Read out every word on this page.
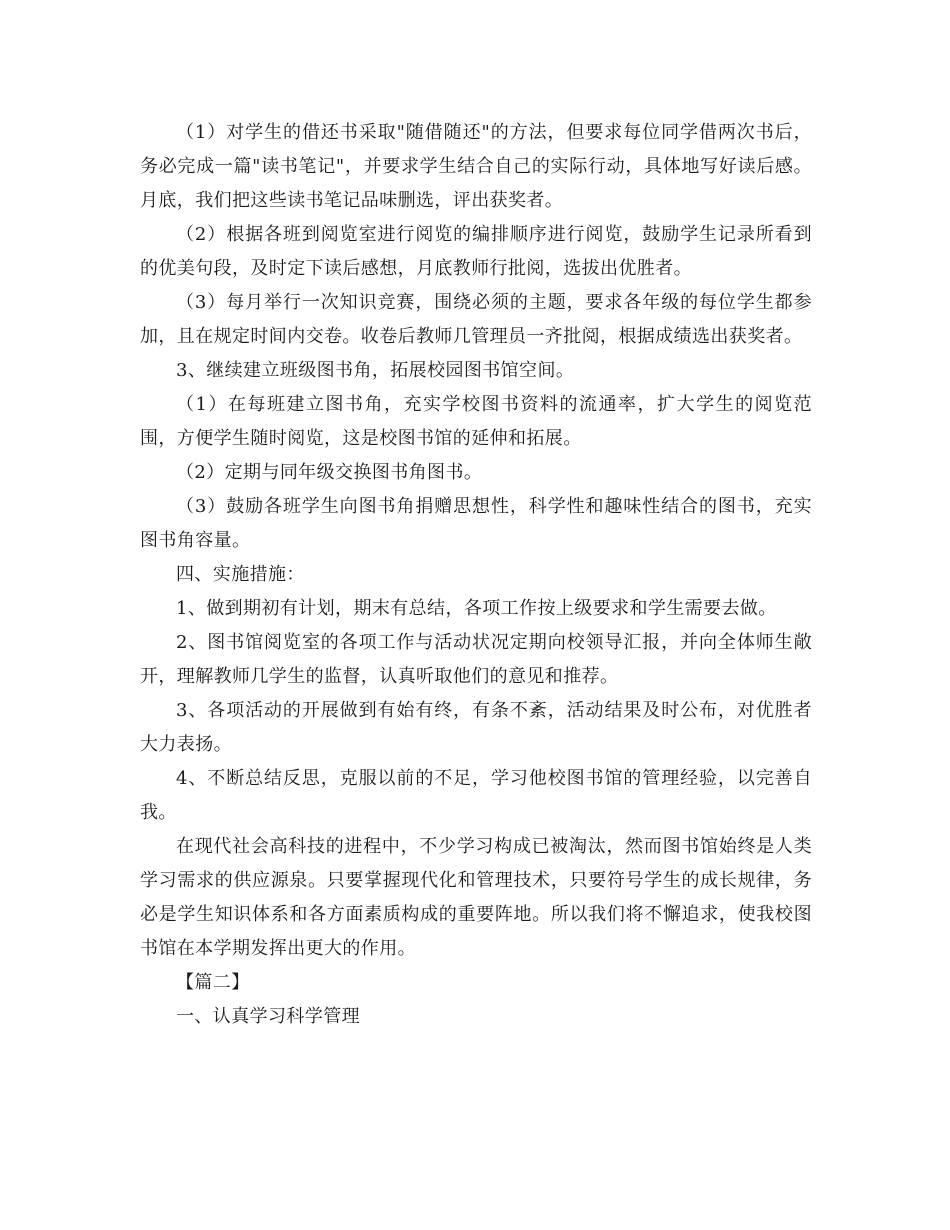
（1）对学生的借还书采取"随借随还"的方法，但要求每位同学借两次书后，务必完成一篇"读书笔记"，并要求学生结合自己的实际行动，具体地写好读后感。月底，我们把这些读书笔记品味删选，评出获奖者。

（2）根据各班到阅览室进行阅览的编排顺序进行阅览，鼓励学生记录所看到的优美句段，及时定下读后感想，月底教师行批阅，选拔出优胜者。

（3）每月举行一次知识竞赛，围绕必须的主题，要求各年级的每位学生都参加，且在规定时间内交卷。收卷后教师几管理员一齐批阅，根据成绩选出获奖者。

3、继续建立班级图书角，拓展校园图书馆空间。

（1）在每班建立图书角，充实学校图书资料的流通率，扩大学生的阅览范围，方便学生随时阅览，这是校图书馆的延伸和拓展。

（2）定期与同年级交换图书角图书。

（3）鼓励各班学生向图书角捐赠思想性，科学性和趣味性结合的图书，充实图书角容量。

四、实施措施：

1、做到期初有计划，期末有总结，各项工作按上级要求和学生需要去做。

2、图书馆阅览室的各项工作与活动状况定期向校领导汇报，并向全体师生敞开，理解教师几学生的监督，认真听取他们的意见和推荐。

3、各项活动的开展做到有始有终，有条不紊，活动结果及时公布，对优胜者大力表扬。

4、不断总结反思，克服以前的不足，学习他校图书馆的管理经验，以完善自我。

在现代社会高科技的进程中，不少学习构成已被淘汰，然而图书馆始终是人类学习需求的供应源泉。只要掌握现代化和管理技术，只要符号学生的成长规律，务必是学生知识体系和各方面素质构成的重要阵地。所以我们将不懈追求，使我校图书馆在本学期发挥出更大的作用。

【篇二】

一、认真学习科学管理
